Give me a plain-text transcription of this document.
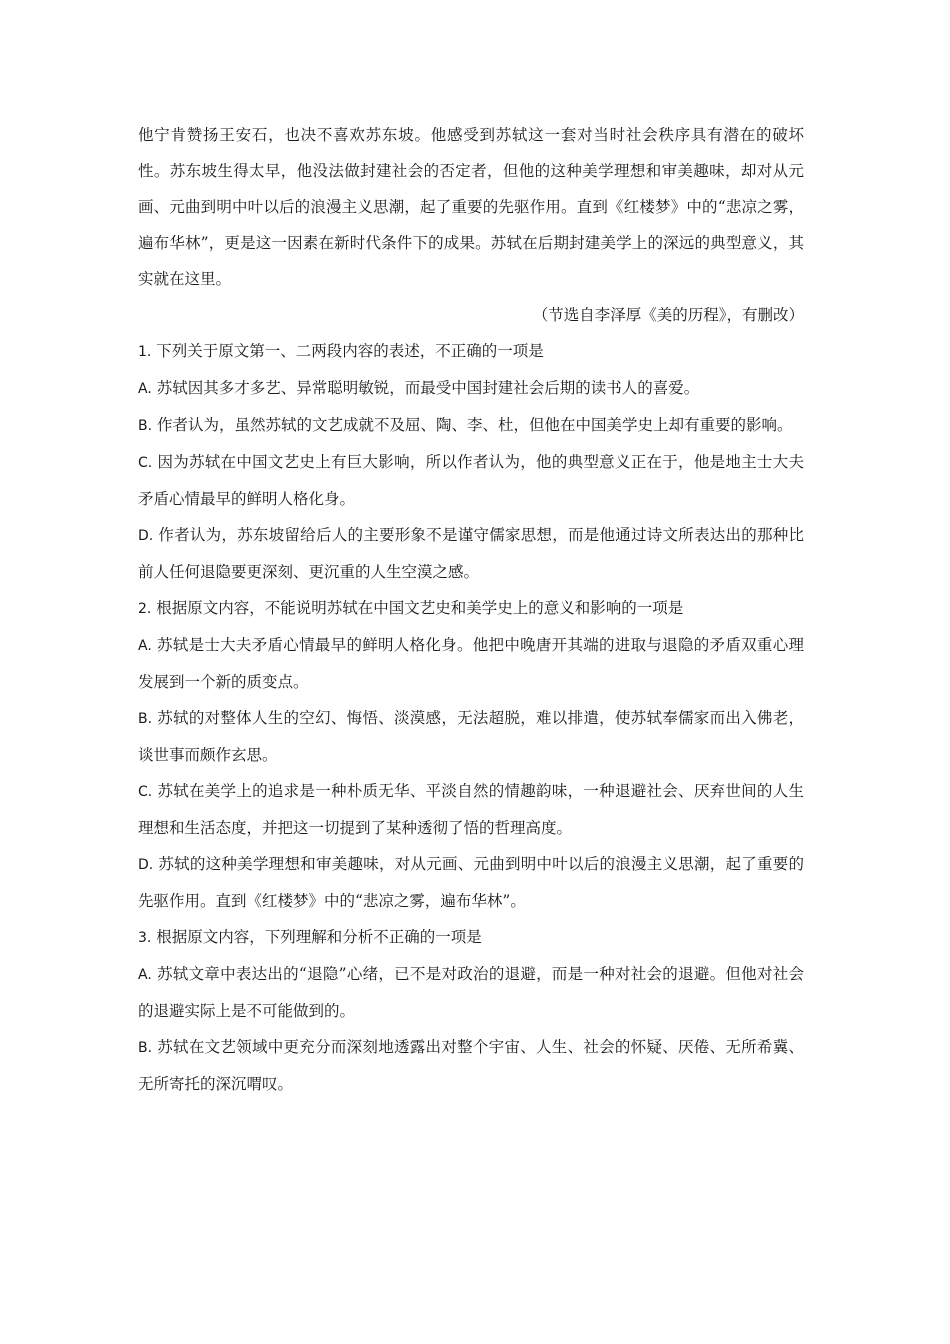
他宁肯赞扬王安石，也决不喜欢苏东坡。他感受到苏轼这一套对当时社会秩序具有潜在的破坏性。苏东坡生得太早，他没法做封建社会的否定者，但他的这种美学理想和审美趣味，却对从元画、元曲到明中叶以后的浪漫主义思潮，起了重要的先驱作用。直到《红楼梦》中的“悲凉之雾，遍布华林”，更是这一因素在新时代条件下的成果。苏轼在后期封建美学上的深远的典型意义，其实就在这里。

（节选自李泽厚《美的历程》，有删改）

1. 下列关于原文第一、二两段内容的表述，不正确的一项是

A. 苏轼因其多才多艺、异常聪明敏锐，而最受中国封建社会后期的读书人的喜爱。

B. 作者认为，虽然苏轼的文艺成就不及屈、陶、李、杜，但他在中国美学史上却有重要的影响。

C. 因为苏轼在中国文艺史上有巨大影响，所以作者认为，他的典型意义正在于，他是地主士大夫矛盾心情最早的鲜明人格化身。

D. 作者认为，苏东坡留给后人的主要形象不是谨守儒家思想，而是他通过诗文所表达出的那种比前人任何退隐要更深刻、更沉重的人生空漠之感。

2. 根据原文内容，不能说明苏轼在中国文艺史和美学史上的意义和影响的一项是

A. 苏轼是士大夫矛盾心情最早的鲜明人格化身。他把中晚唐开其端的进取与退隐的矛盾双重心理发展到一个新的质变点。

B. 苏轼的对整体人生的空幻、悔悟、淡漠感，无法超脱，难以排遣，使苏轼奉儒家而出入佛老，谈世事而颇作玄思。

C. 苏轼在美学上的追求是一种朴质无华、平淡自然的情趣韵味，一种退避社会、厌弃世间的人生理想和生活态度，并把这一切提到了某种透彻了悟的哲理高度。

D. 苏轼的这种美学理想和审美趣味，对从元画、元曲到明中叶以后的浪漫主义思潮，起了重要的先驱作用。直到《红楼梦》中的“悲凉之雾，遍布华林”。

3. 根据原文内容，下列理解和分析不正确的一项是

A. 苏轼文章中表达出的“退隐”心绪，已不是对政治的退避，而是一种对社会的退避。但他对社会的退避实际上是不可能做到的。

B. 苏轼在文艺领域中更充分而深刻地透露出对整个宇宙、人生、社会的怀疑、厌倦、无所希冀、无所寄托的深沉喟叹。
